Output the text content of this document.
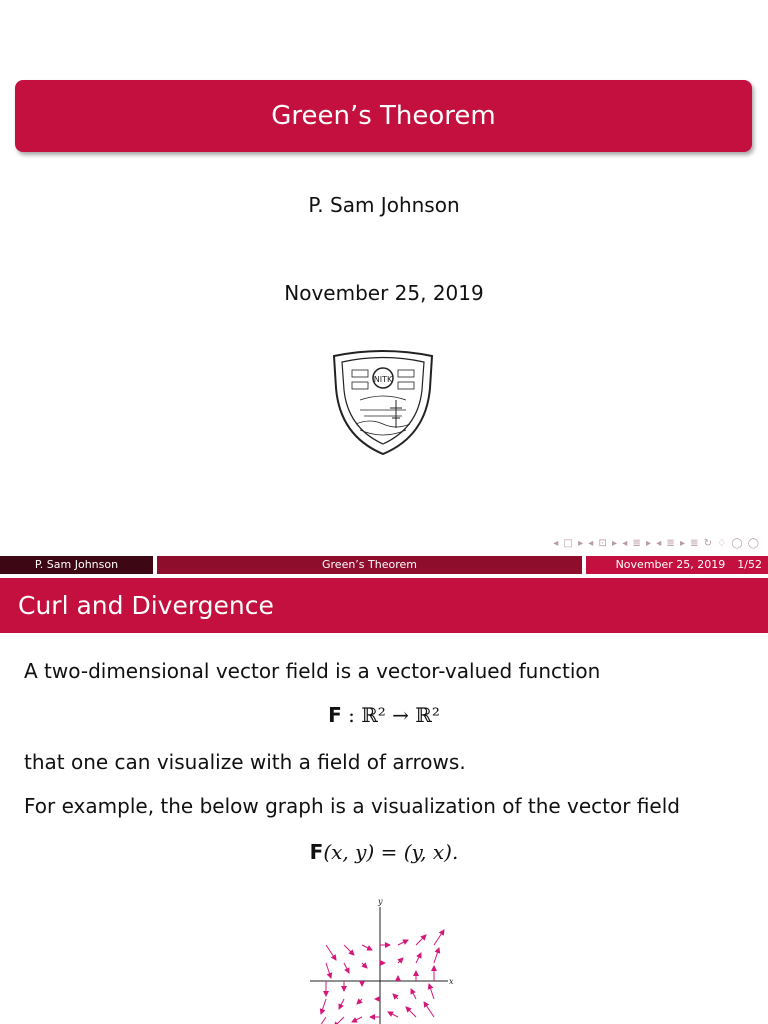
Green’s Theorem
P. Sam Johnson
November 25, 2019
NITK
◂ □ ▸ ◂ ⊡ ▸ ◂ ≣ ▸ ◂ ≣ ▸ ≣ ↻ ♢ ◯ ◯
P. Sam Johnson	Green’s Theorem	November 25, 2019 1/52
Curl and Divergence
A two-dimensional vector field is a vector-valued function
F : ℝ² → ℝ²
that one can visualize with a field of arrows.
For example, the below graph is a visualization of the vector field
F(x, y) = (y, x).
y
x
